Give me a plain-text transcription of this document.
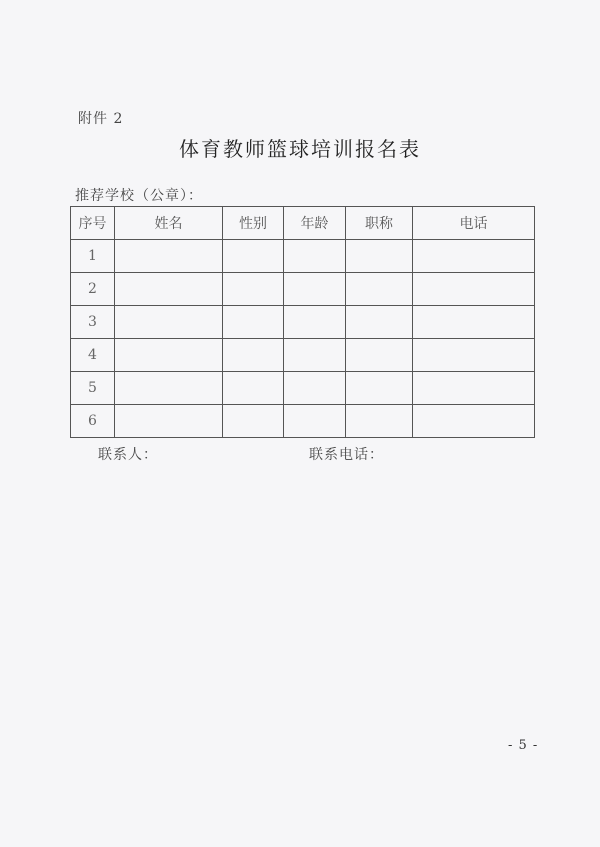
附件 2
体育教师篮球培训报名表
推荐学校（公章）：
序号	姓名	性别	年龄	职称	电话
1					
2					
3					
4					
5					
6					
联系人：	联系电话：
- 5 -
